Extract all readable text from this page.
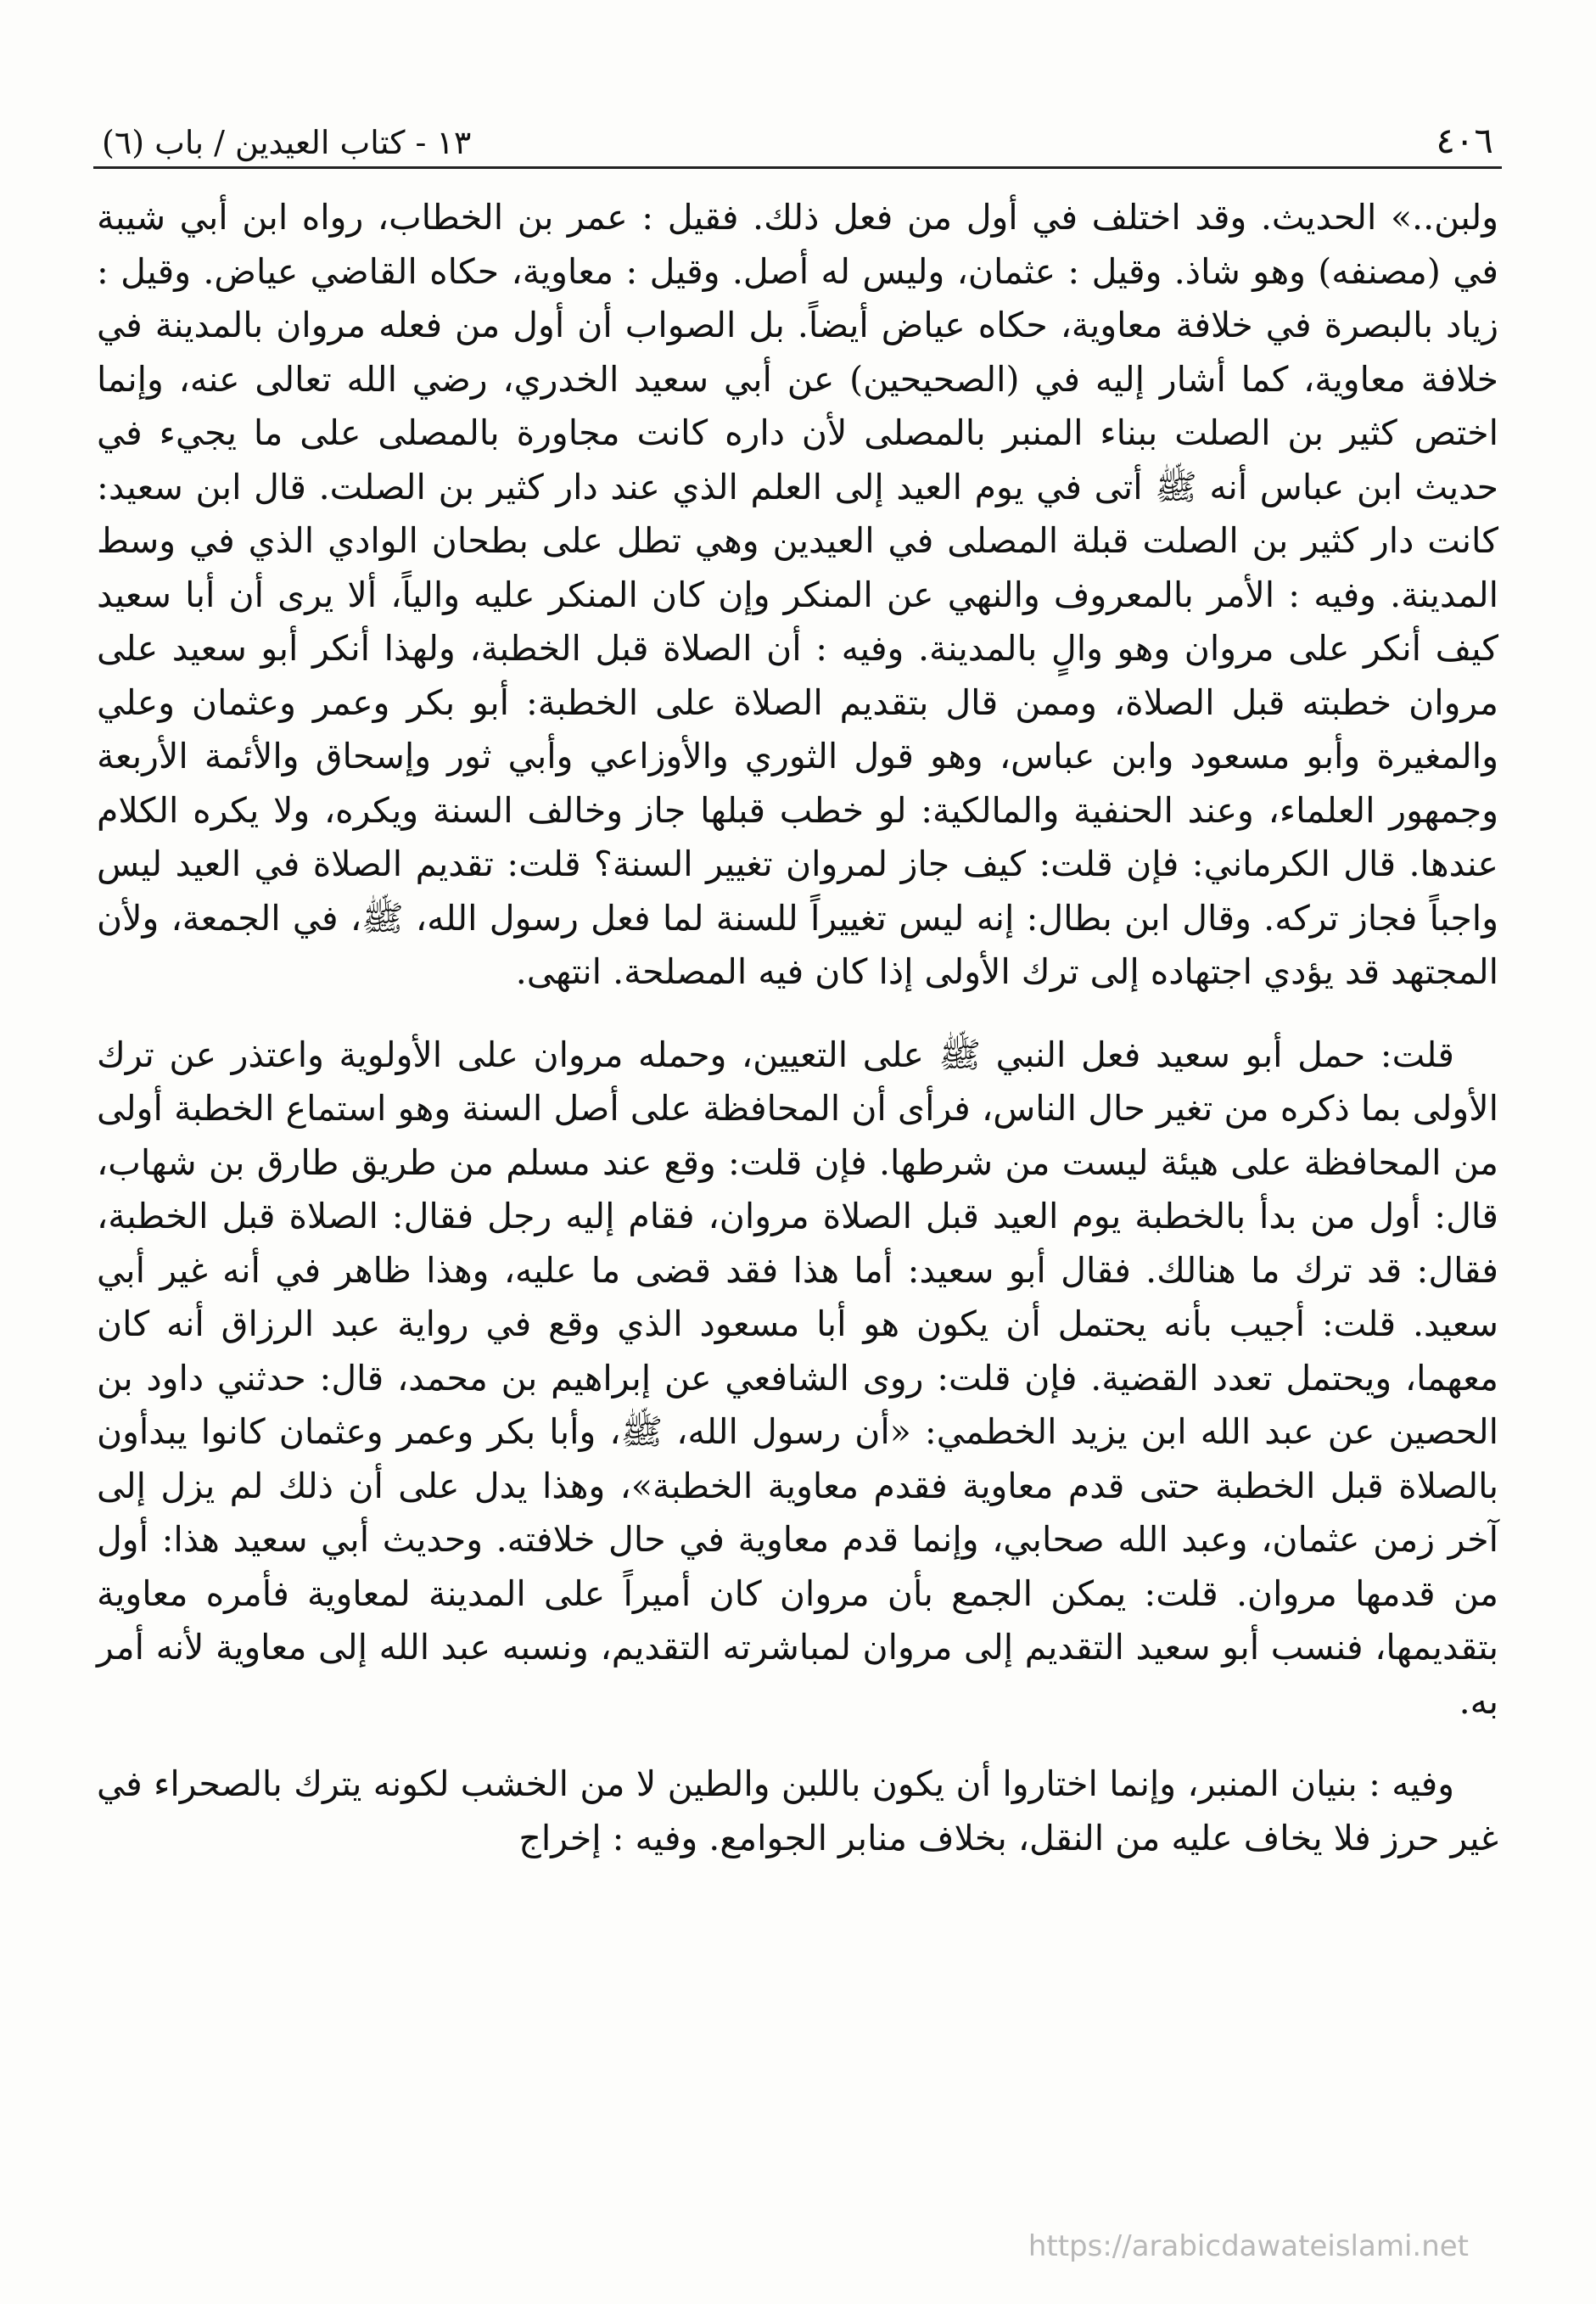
٤٠٦
١٣ - كتاب العيدين / باب (٦)

ولبن..» الحديث. وقد اختلف في أول من فعل ذلك. فقيل : عمر بن الخطاب، رواه ابن أبي شيبة في (مصنفه) وهو شاذ. وقيل : عثمان، وليس له أصل. وقيل : معاوية، حكاه القاضي عياض. وقيل : زياد بالبصرة في خلافة معاوية، حكاه عياض أيضاً. بل الصواب أن أول من فعله مروان بالمدينة في خلافة معاوية، كما أشار إليه في (الصحيحين) عن أبي سعيد الخدري، رضي الله تعالى عنه، وإنما اختص كثير بن الصلت ببناء المنبر بالمصلى لأن داره كانت مجاورة بالمصلى على ما يجيء في حديث ابن عباس أنه ﷺ أتى في يوم العيد إلى العلم الذي عند دار كثير بن الصلت. قال ابن سعيد: كانت دار كثير بن الصلت قبلة المصلى في العيدين وهي تطل على بطحان الوادي الذي في وسط المدينة. وفيه : الأمر بالمعروف والنهي عن المنكر وإن كان المنكر عليه والياً، ألا يرى أن أبا سعيد كيف أنكر على مروان وهو والٍ بالمدينة. وفيه : أن الصلاة قبل الخطبة، ولهذا أنكر أبو سعيد على مروان خطبته قبل الصلاة، وممن قال بتقديم الصلاة على الخطبة: أبو بكر وعمر وعثمان وعلي والمغيرة وأبو مسعود وابن عباس، وهو قول الثوري والأوزاعي وأبي ثور وإسحاق والأئمة الأربعة وجمهور العلماء، وعند الحنفية والمالكية: لو خطب قبلها جاز وخالف السنة ويكره، ولا يكره الكلام عندها. قال الكرماني: فإن قلت: كيف جاز لمروان تغيير السنة؟ قلت: تقديم الصلاة في العيد ليس واجباً فجاز تركه. وقال ابن بطال: إنه ليس تغييراً للسنة لما فعل رسول الله، ﷺ، في الجمعة، ولأن المجتهد قد يؤدي اجتهاده إلى ترك الأولى إذا كان فيه المصلحة. انتهى.

قلت: حمل أبو سعيد فعل النبي ﷺ على التعيين، وحمله مروان على الأولوية واعتذر عن ترك الأولى بما ذكره من تغير حال الناس، فرأى أن المحافظة على أصل السنة وهو استماع الخطبة أولى من المحافظة على هيئة ليست من شرطها. فإن قلت: وقع عند مسلم من طريق طارق بن شهاب، قال: أول من بدأ بالخطبة يوم العيد قبل الصلاة مروان، فقام إليه رجل فقال: الصلاة قبل الخطبة، فقال: قد ترك ما هنالك. فقال أبو سعيد: أما هذا فقد قضى ما عليه، وهذا ظاهر في أنه غير أبي سعيد. قلت: أجيب بأنه يحتمل أن يكون هو أبا مسعود الذي وقع في رواية عبد الرزاق أنه كان معهما، ويحتمل تعدد القضية. فإن قلت: روى الشافعي عن إبراهيم بن محمد، قال: حدثني داود بن الحصين عن عبد الله ابن يزيد الخطمي: «أن رسول الله، ﷺ، وأبا بكر وعمر وعثمان كانوا يبدأون بالصلاة قبل الخطبة حتى قدم معاوية فقدم معاوية الخطبة»، وهذا يدل على أن ذلك لم يزل إلى آخر زمن عثمان، وعبد الله صحابي، وإنما قدم معاوية في حال خلافته. وحديث أبي سعيد هذا: أول من قدمها مروان. قلت: يمكن الجمع بأن مروان كان أميراً على المدينة لمعاوية فأمره معاوية بتقديمها، فنسب أبو سعيد التقديم إلى مروان لمباشرته التقديم، ونسبه عبد الله إلى معاوية لأنه أمر به.

وفيه : بنيان المنبر، وإنما اختاروا أن يكون باللبن والطين لا من الخشب لكونه يترك بالصحراء في غير حرز فلا يخاف عليه من النقل، بخلاف منابر الجوامع. وفيه : إخراج

https://arabicdawateislami.net
